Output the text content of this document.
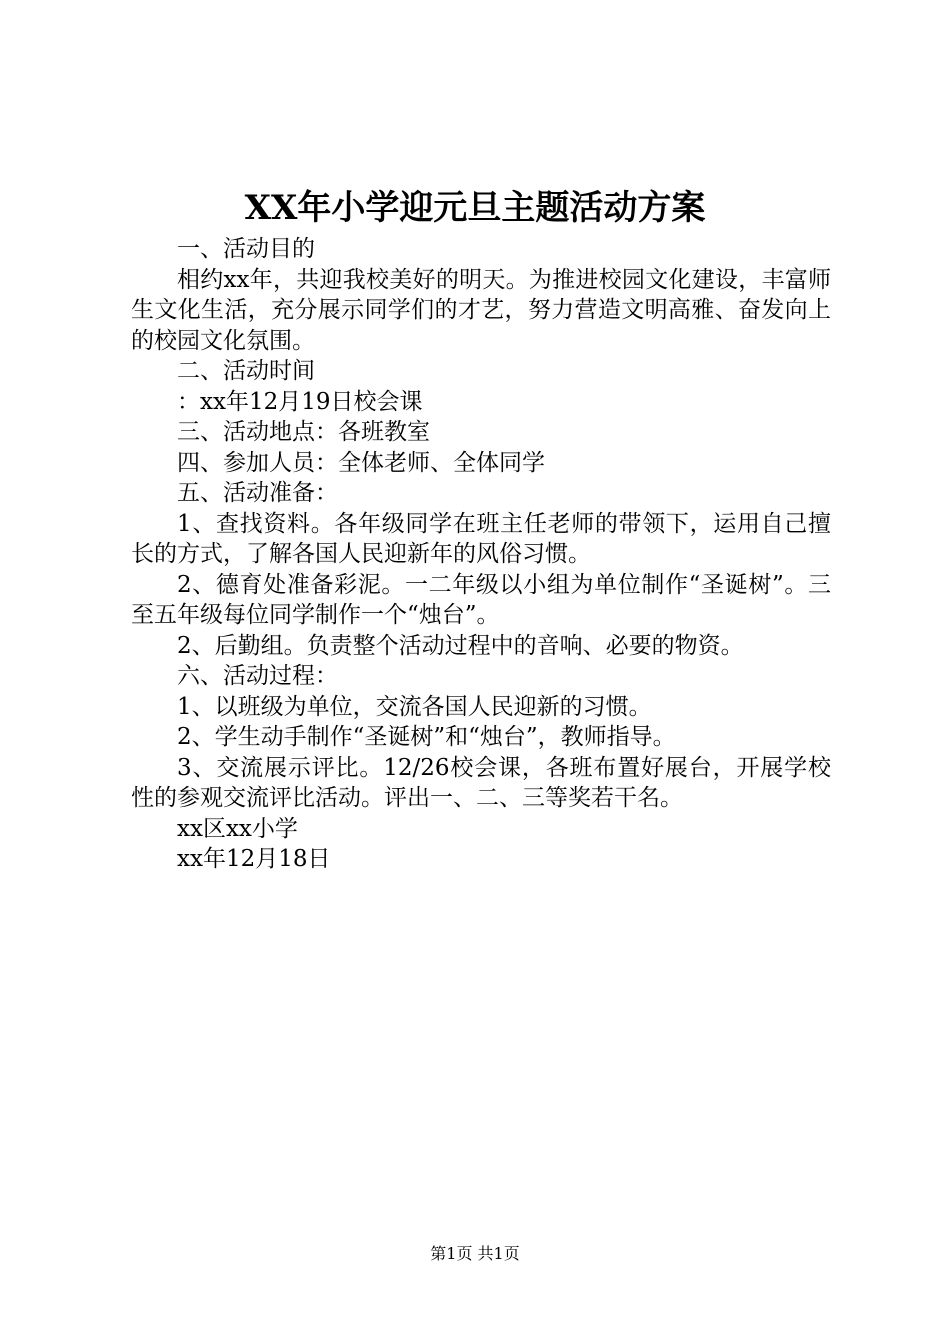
XX年小学迎元旦主题活动方案

一、活动目的

相约xx年，共迎我校美好的明天。为推进校园文化建设，丰富师生文化生活，充分展示同学们的才艺，努力营造文明高雅、奋发向上的校园文化氛围。

二、活动时间

：xx年12月19日校会课

三、活动地点：各班教室

四、参加人员：全体老师、全体同学

五、活动准备：

1、查找资料。各年级同学在班主任老师的带领下，运用自己擅长的方式，了解各国人民迎新年的风俗习惯。

2、德育处准备彩泥。一二年级以小组为单位制作“圣诞树”。三至五年级每位同学制作一个“烛台”。

2、后勤组。负责整个活动过程中的音响、必要的物资。

六、活动过程：

1、以班级为单位，交流各国人民迎新的习惯。

2、学生动手制作“圣诞树”和“烛台”，教师指导。

3、交流展示评比。12/26校会课，各班布置好展台，开展学校性的参观交流评比活动。评出一、二、三等奖若干名。

xx区xx小学

xx年12月18日

第1页 共1页
